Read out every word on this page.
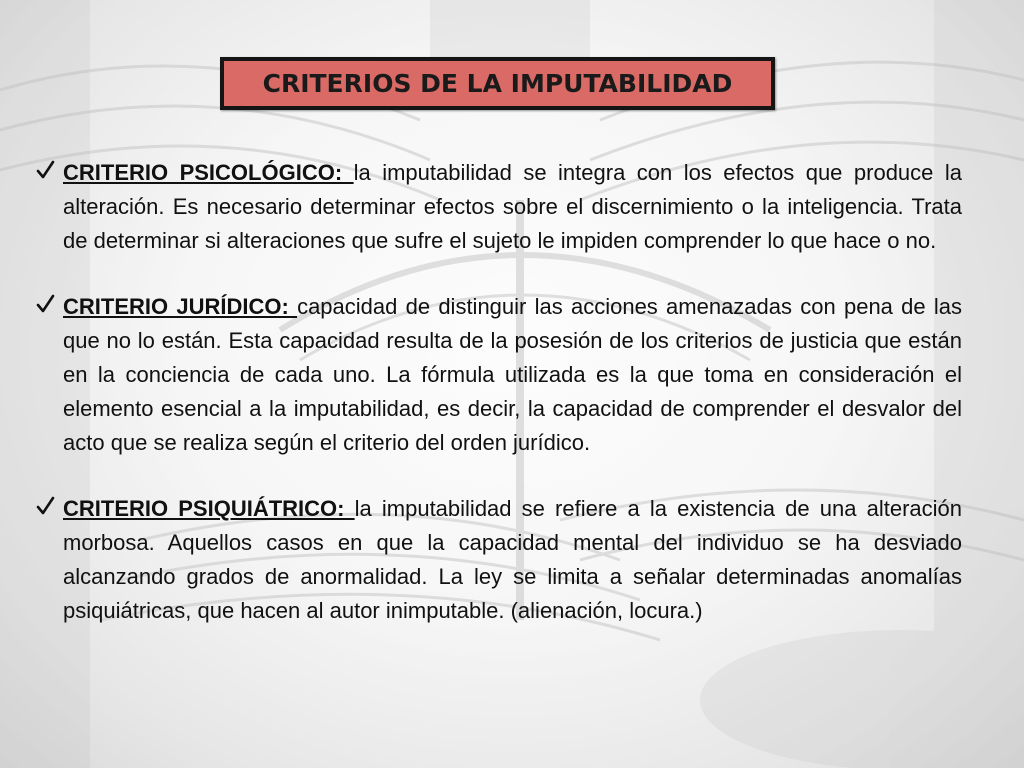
CRITERIOS DE LA IMPUTABILIDAD

CRITERIO PSICOLÓGICO: la imputabilidad se integra con los efectos que produce la alteración. Es necesario determinar efectos sobre el discernimiento o la inteligencia. Trata de determinar si alteraciones que sufre el sujeto le impiden comprender lo que hace o no.

CRITERIO JURÍDICO: capacidad de distinguir las acciones amenazadas con pena de las que no lo están. Esta capacidad resulta de la posesión de los criterios de justicia que están en la conciencia de cada uno. La fórmula utilizada es la que toma en consideración el elemento esencial a la imputabilidad, es decir, la capacidad de comprender el desvalor del acto que se realiza según el criterio del orden jurídico.

CRITERIO PSIQUIÁTRICO: la imputabilidad se refiere a la existencia de una alteración morbosa. Aquellos casos en que la capacidad mental del individuo se ha desviado alcanzando grados de anormalidad. La ley se limita a señalar determinadas anomalías psiquiátricas, que hacen al autor inimputable. (alienación, locura.)
